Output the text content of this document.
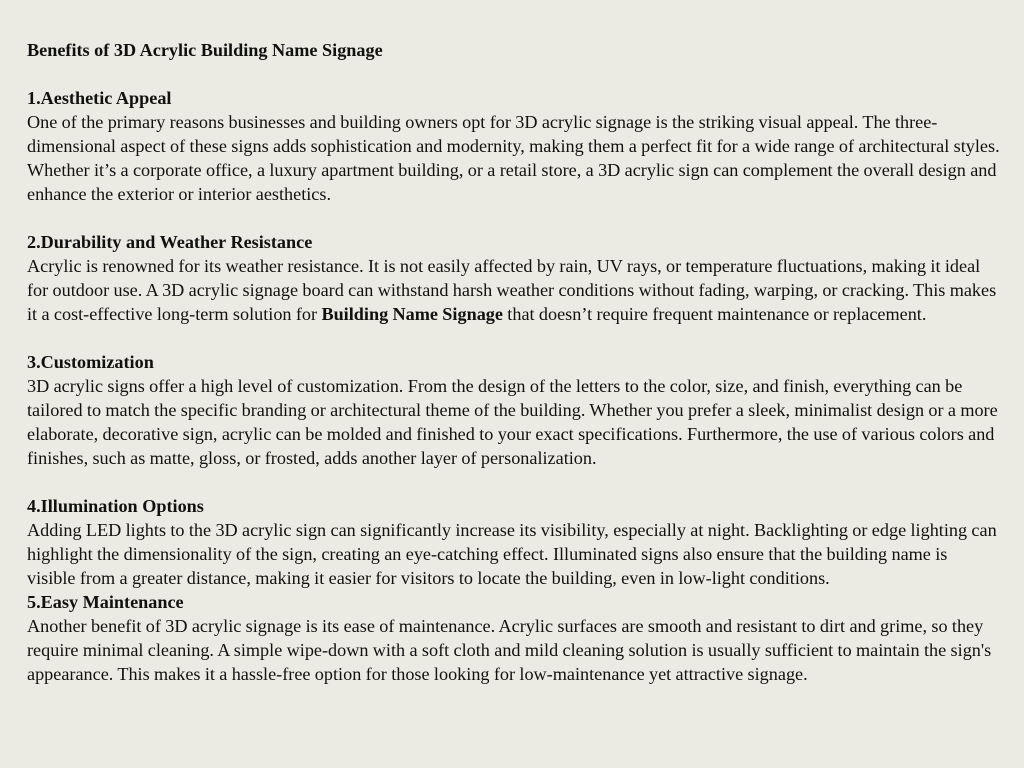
Benefits of 3D Acrylic Building Name Signage

1.Aesthetic Appeal

One of the primary reasons businesses and building owners opt for 3D acrylic signage is the striking visual appeal. The three-dimensional aspect of these signs adds sophistication and modernity, making them a perfect fit for a wide range of architectural styles. Whether it’s a corporate office, a luxury apartment building, or a retail store, a 3D acrylic sign can complement the overall design and enhance the exterior or interior aesthetics.

2.Durability and Weather Resistance

Acrylic is renowned for its weather resistance. It is not easily affected by rain, UV rays, or temperature fluctuations, making it ideal for outdoor use. A 3D acrylic signage board can withstand harsh weather conditions without fading, warping, or cracking. This makes it a cost-effective long-term solution for Building Name Signage that doesn’t require frequent maintenance or replacement.

3.Customization

3D acrylic signs offer a high level of customization. From the design of the letters to the color, size, and finish, everything can be tailored to match the specific branding or architectural theme of the building. Whether you prefer a sleek, minimalist design or a more elaborate, decorative sign, acrylic can be molded and finished to your exact specifications. Furthermore, the use of various colors and finishes, such as matte, gloss, or frosted, adds another layer of personalization.

4.Illumination Options

Adding LED lights to the 3D acrylic sign can significantly increase its visibility, especially at night. Backlighting or edge lighting can highlight the dimensionality of the sign, creating an eye-catching effect. Illuminated signs also ensure that the building name is visible from a greater distance, making it easier for visitors to locate the building, even in low-light conditions.

5.Easy Maintenance

Another benefit of 3D acrylic signage is its ease of maintenance. Acrylic surfaces are smooth and resistant to dirt and grime, so they require minimal cleaning. A simple wipe-down with a soft cloth and mild cleaning solution is usually sufficient to maintain the sign's appearance. This makes it a hassle-free option for those looking for low-maintenance yet attractive signage.
